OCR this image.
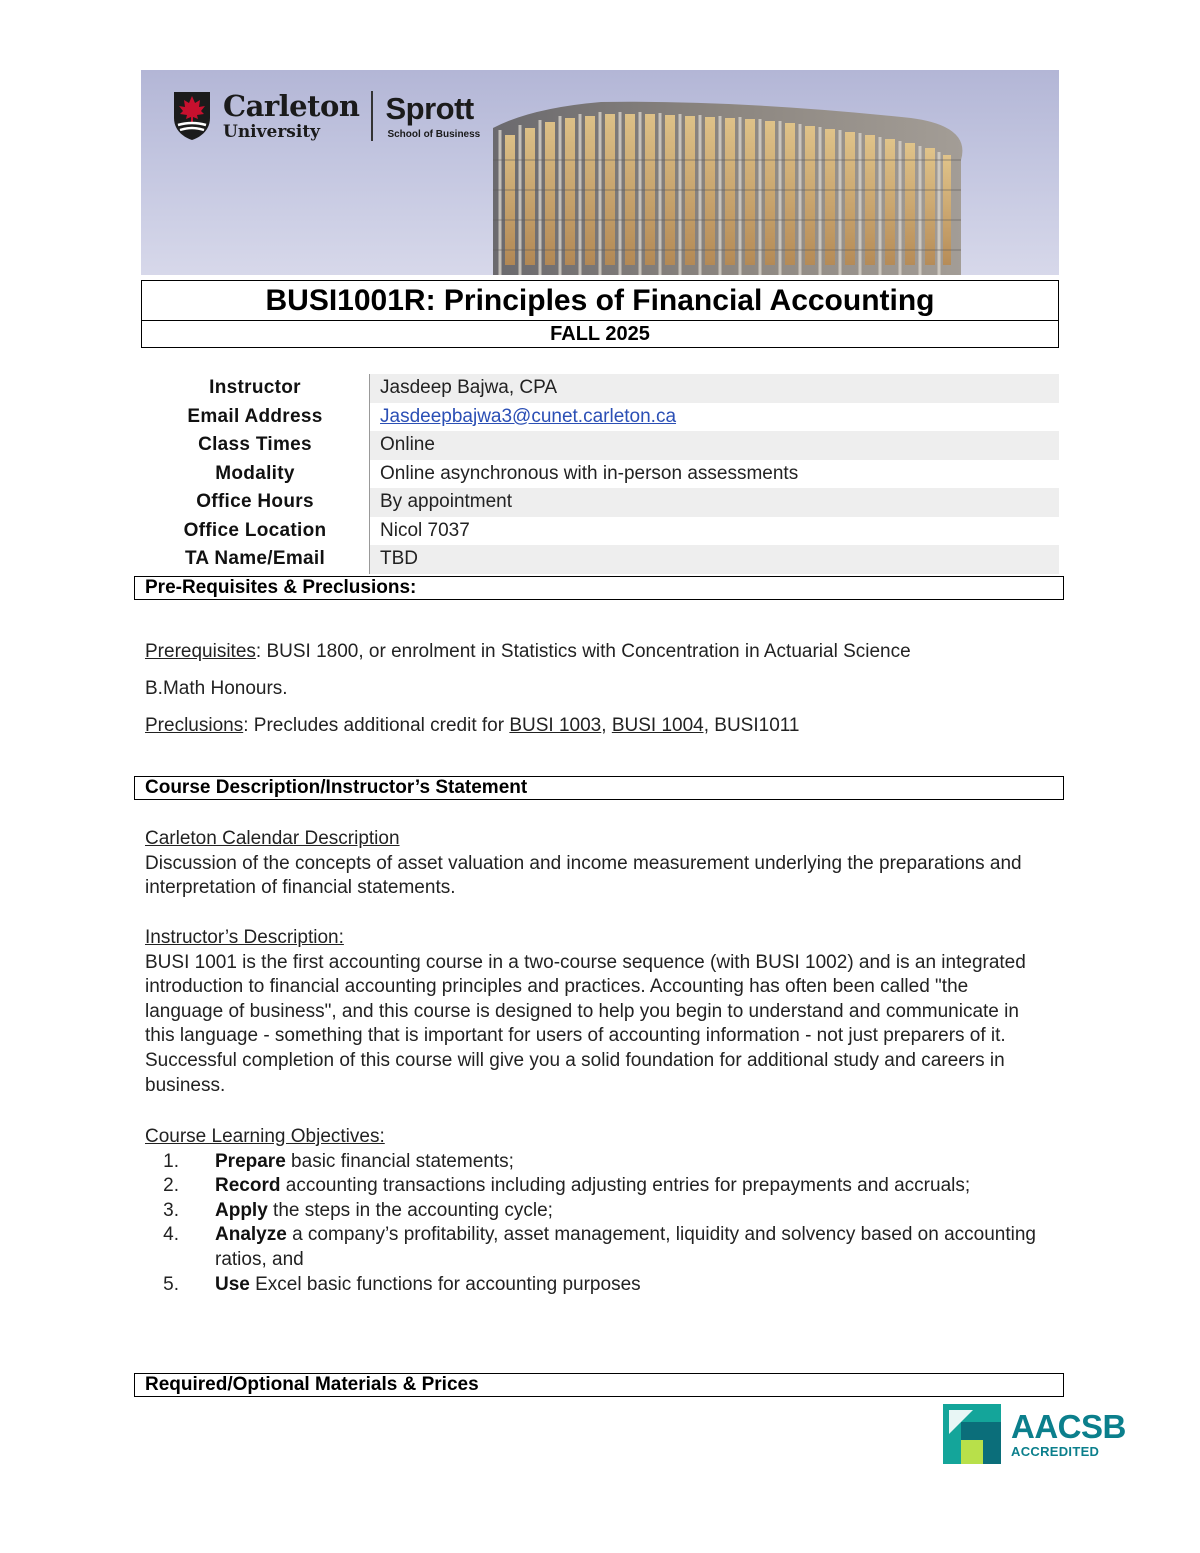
Carleton
University
Sprott
School of Business
BUSI1001R: Principles of Financial Accounting
FALL 2025
Instructor	Jasdeep Bajwa, CPA
Email Address	Jasdeepbajwa3@cunet.carleton.ca
Class Times	Online
Modality	Online asynchronous with in-person assessments
Office Hours	By appointment
Office Location	Nicol 7037
TA Name/Email	TBD
Pre-Requisites & Preclusions:
Prerequisites: BUSI 1800, or enrolment in Statistics with Concentration in Actuarial Science
B.Math Honours.
Preclusions: Precludes additional credit for BUSI 1003, BUSI 1004, BUSI1011
Course Description/Instructor’s Statement
Carleton Calendar Description
Discussion of the concepts of asset valuation and income measurement underlying the preparations and interpretation of financial statements.
Instructor’s Description:
BUSI 1001 is the first accounting course in a two-course sequence (with BUSI 1002) and is an integrated introduction to financial accounting principles and practices. Accounting has often been called "the language of business", and this course is designed to help you begin to understand and communicate in this language - something that is important for users of accounting information - not just preparers of it. Successful completion of this course will give you a solid foundation for additional study and careers in business.
Course Learning Objectives:
1.	Prepare basic financial statements;
2.	Record accounting transactions including adjusting entries for prepayments and accruals;
3.	Apply the steps in the accounting cycle;
4.	Analyze a company’s profitability, asset management, liquidity and solvency based on accounting ratios, and
5.	Use Excel basic functions for accounting purposes
Required/Optional Materials & Prices
AACSB
ACCREDITED
